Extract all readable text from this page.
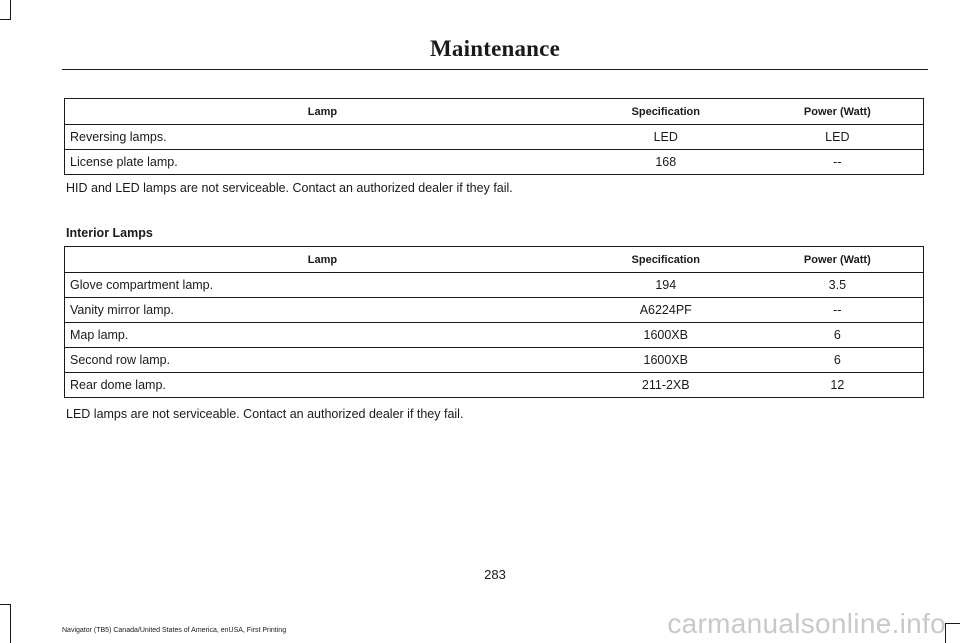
Maintenance
Lamp	Specification	Power (Watt)
Reversing lamps.	LED	LED
License plate lamp.	168	--
HID and LED lamps are not serviceable. Contact an authorized dealer if they fail.
Interior Lamps
Lamp	Specification	Power (Watt)
Glove compartment lamp.	194	3.5
Vanity mirror lamp.	A6224PF	--
Map lamp.	1600XB	6
Second row lamp.	1600XB	6
Rear dome lamp.	211-2XB	12
LED lamps are not serviceable. Contact an authorized dealer if they fail.
283
Navigator (TB5) Canada/United States of America, enUSA, First Printing	carmanualsonline.info
